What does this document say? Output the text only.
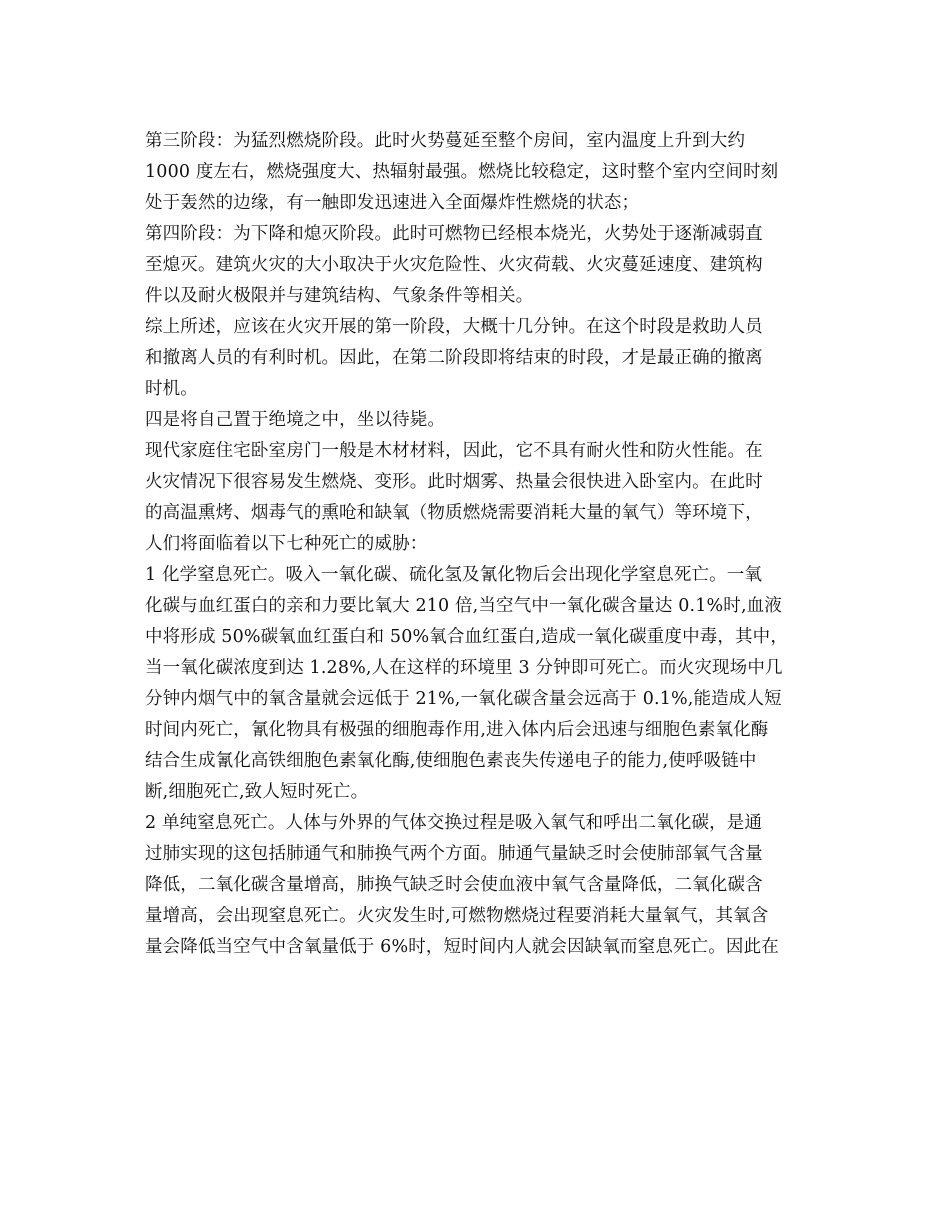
第三阶段：为猛烈燃烧阶段。此时火势蔓延至整个房间，室内温度上升到大约
1000 度左右，燃烧强度大、热辐射最强。燃烧比较稳定，这时整个室内空间时刻
处于轰然的边缘，有一触即发迅速进入全面爆炸性燃烧的状态；
第四阶段：为下降和熄灭阶段。此时可燃物已经根本烧光，火势处于逐渐减弱直
至熄灭。建筑火灾的大小取决于火灾危险性、火灾荷载、火灾蔓延速度、建筑构
件以及耐火极限并与建筑结构、气象条件等相关。
综上所述，应该在火灾开展的第一阶段，大概十几分钟。在这个时段是救助人员
和撤离人员的有利时机。因此，在第二阶段即将结束的时段，才是最正确的撤离
时机。
四是将自己置于绝境之中，坐以待毙。
现代家庭住宅卧室房门一般是木材材料，因此，它不具有耐火性和防火性能。在
火灾情况下很容易发生燃烧、变形。此时烟雾、热量会很快进入卧室内。在此时
的高温熏烤、烟毒气的熏呛和缺氧（物质燃烧需要消耗大量的氧气）等环境下，
人们将面临着以下七种死亡的威胁：
1 化学窒息死亡。吸入一氧化碳、硫化氢及氰化物后会出现化学窒息死亡。一氧
化碳与血红蛋白的亲和力要比氧大 210 倍,当空气中一氧化碳含量达 0.1%时,血液
中将形成 50%碳氧血红蛋白和 50%氧合血红蛋白,造成一氧化碳重度中毒，其中，
当一氧化碳浓度到达 1.28%,人在这样的环境里 3 分钟即可死亡。而火灾现场中几
分钟内烟气中的氧含量就会远低于 21%,一氧化碳含量会远高于 0.1%,能造成人短
时间内死亡，氰化物具有极强的细胞毒作用,进入体内后会迅速与细胞色素氧化酶
结合生成氰化高铁细胞色素氧化酶,使细胞色素丧失传递电子的能力,使呼吸链中
断,细胞死亡,致人短时死亡。
2 单纯窒息死亡。人体与外界的气体交换过程是吸入氧气和呼出二氧化碳，是通
过肺实现的这包括肺通气和肺换气两个方面。肺通气量缺乏时会使肺部氧气含量
降低，二氧化碳含量增高，肺换气缺乏时会使血液中氧气含量降低，二氧化碳含
量增高，会出现窒息死亡。火灾发生时,可燃物燃烧过程要消耗大量氧气，其氧含
量会降低当空气中含氧量低于 6%时，短时间内人就会因缺氧而窒息死亡。因此在
